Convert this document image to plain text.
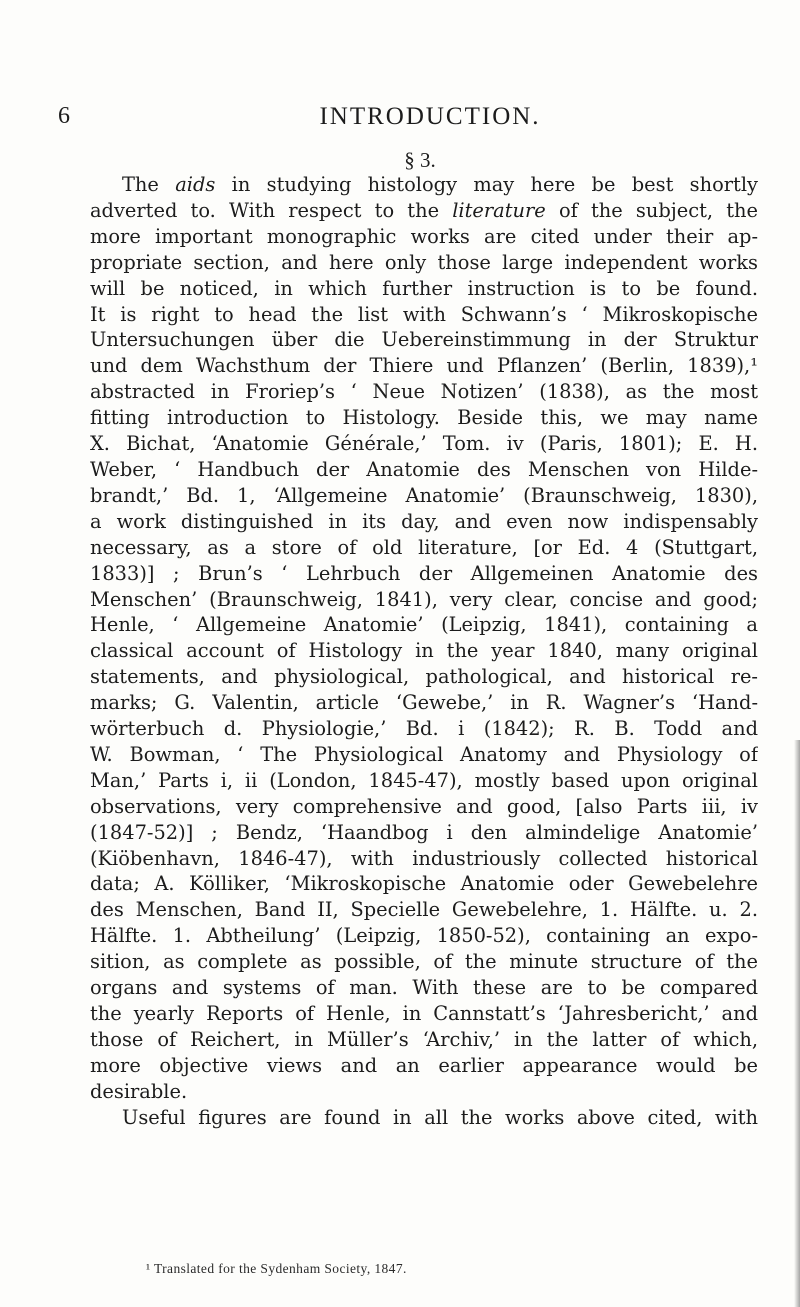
6	INTRODUCTION.
§ 3.

The aids in studying histology may here be best shortly
adverted to. With respect to the literature of the subject, the
more important monographic works are cited under their ap-
propriate section, and here only those large independent works
will be noticed, in which further instruction is to be found.
It is right to head the list with Schwann’s ‘ Mikroskopische
Untersuchungen über die Uebereinstimmung in der Struktur
und dem Wachsthum der Thiere und Pflanzen’ (Berlin, 1839),¹
abstracted in Froriep’s ‘ Neue Notizen’ (1838), as the most
fitting introduction to Histology. Beside this, we may name
X. Bichat, ‘Anatomie Générale,’ Tom. iv (Paris, 1801); E. H.
Weber, ‘ Handbuch der Anatomie des Menschen von Hilde-
brandt,’ Bd. 1, ‘Allgemeine Anatomie’ (Braunschweig, 1830),
a work distinguished in its day, and even now indispensably
necessary, as a store of old literature, [or Ed. 4 (Stuttgart,
1833)] ; Brun’s ‘ Lehrbuch der Allgemeinen Anatomie des
Menschen’ (Braunschweig, 1841), very clear, concise and good;
Henle, ‘ Allgemeine Anatomie’ (Leipzig, 1841), containing a
classical account of Histology in the year 1840, many original
statements, and physiological, pathological, and historical re-
marks; G. Valentin, article ‘Gewebe,’ in R. Wagner’s ‘Hand-
wörterbuch d. Physiologie,’ Bd. i (1842); R. B. Todd and
W. Bowman, ‘ The Physiological Anatomy and Physiology of
Man,’ Parts i, ii (London, 1845-47), mostly based upon original
observations, very comprehensive and good, [also Parts iii, iv
(1847-52)] ; Bendz, ‘Haandbog i den almindelige Anatomie’
(Kiöbenhavn, 1846-47), with industriously collected historical
data; A. Kölliker, ‘Mikroskopische Anatomie oder Gewebelehre
des Menschen, Band II, Specielle Gewebelehre, 1. Hälfte. u. 2.
Hälfte. 1. Abtheilung’ (Leipzig, 1850-52), containing an expo-
sition, as complete as possible, of the minute structure of the
organs and systems of man. With these are to be compared
the yearly Reports of Henle, in Cannstatt’s ‘Jahresbericht,’ and
those of Reichert, in Müller’s ‘Archiv,’ in the latter of which,
more objective views and an earlier appearance would be
desirable.

Useful figures are found in all the works above cited, with

¹ Translated for the Sydenham Society, 1847.
